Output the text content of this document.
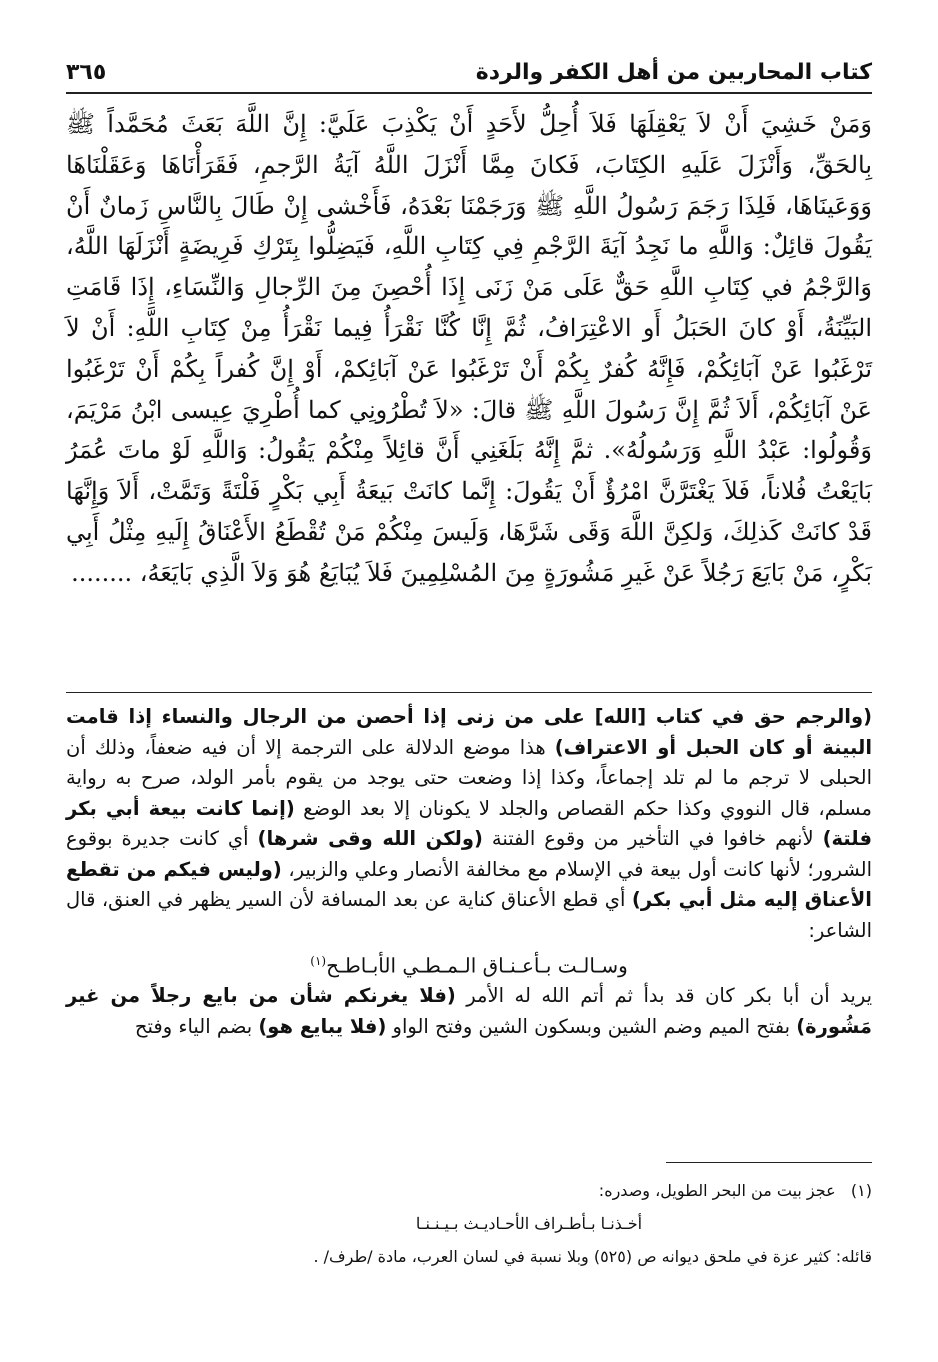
كتاب المحاربين من أهل الكفر والردة
٣٦٥

وَمَنْ خَشِيَ أَنْ لاَ يَعْقِلَهَا فَلاَ أُحِلُّ لأَحَدٍ أَنْ يَكْذِبَ عَلَيَّ: إِنَّ اللَّهَ بَعَثَ مُحَمَّداً ﷺ بِالحَقِّ، وَأَنْزَلَ عَلَيهِ الكِتَابَ، فَكانَ مِمَّا أَنْزَلَ اللَّهُ آيَةُ الرَّجمِ، فَقَرَأْنَاهَا وَعَقَلْنَاهَا وَوَعَينَاهَا، فَلِذَا رَجَمَ رَسُولُ اللَّهِ ﷺ وَرَجَمْنَا بَعْدَهُ، فَأَخْشى إِنْ طَالَ بِالنَّاسِ زَمانٌ أَنْ يَقُولَ قائِلٌ: وَاللَّهِ ما نَجِدُ آيَةَ الرَّجْمِ فِي كِتَابِ اللَّهِ، فَيَضِلُّوا بِتَرْكِ فَرِيضَةٍ أَنْزَلَهَا اللَّهُ، وَالرَّجْمُ في كِتَابِ اللَّهِ حَقٌّ عَلَى مَنْ زَنَى إِذَا أُحْصِنَ مِنَ الرِّجالِ وَالنِّسَاءِ، إِذَا قَامَتِ البَيِّنَةُ، أَوْ كانَ الحَبَلُ أَو الاعْتِرَافُ، ثُمَّ إِنَّا كُنَّا نَقْرَأُ فِيما نَقْرَأُ مِنْ كِتَابِ اللَّهِ: أَنْ لاَ تَرْغَبُوا عَنْ آبَائِكُمْ، فَإِنَّهُ كُفرٌ بِكُمْ أَنْ تَرْغَبُوا عَنْ آبَائِكمْ، أَوْ إِنَّ كُفراً بِكُمْ أَنْ تَرْغَبُوا عَنْ آبَائِكُمْ، أَلاَ ثُمَّ إِنَّ رَسُولَ اللَّهِ ﷺ قالَ: «لاَ تُطْرُونِي كما أُطْرِيَ عِيسى ابْنُ مَرْيَمَ، وَقُولُوا: عَبْدُ اللَّهِ وَرَسُولُهُ». ثمَّ إِنَّهُ بَلَغَنِي أَنَّ قائِلاً مِنْكُمْ يَقُولُ: وَاللَّهِ لَوْ ماتَ عُمَرُ بَايَعْتُ فُلاناً، فَلاَ يَغْتَرَّنَّ امْرُؤٌ أَنْ يَقُولَ: إِنَّما كانَتْ بَيعَةُ أَبِي بَكْرٍ فَلْتَةً وَتَمَّتْ، أَلاَ وَإِنَّهَا قَدْ كانَتْ كَذلِكَ، وَلكِنَّ اللَّهَ وَقَى شَرَّهَا، وَلَيسَ مِنْكُمْ مَنْ تُقْطَعُ الأَعْنَاقُ إِلَيهِ مِثْلُ أَبِي بَكْرٍ، مَنْ بَايَعَ رَجُلاً عَنْ غَيرِ مَشُورَةٍ مِنَ المُسْلِمِينَ فَلاَ يُبَايَعُ هُوَ وَلاَ الَّذِي بَايَعَهُ، ........

(والرجم حق في كتاب [الله] على من زنى إذا أحصن من الرجال والنساء إذا قامت البينة أو كان الحبل أو الاعتراف) هذا موضع الدلالة على الترجمة إلا أن فيه ضعفاً، وذلك أن الحبلى لا ترجم ما لم تلد إجماعاً، وكذا إذا وضعت حتى يوجد من يقوم بأمر الولد، صرح به رواية مسلم، قال النووي وكذا حكم القصاص والجلد لا يكونان إلا بعد الوضع (إنما كانت بيعة أبي بكر فلتة) لأنهم خافوا في التأخير من وقوع الفتنة (ولكن الله وقى شرها) أي كانت جديرة بوقوع الشرور؛ لأنها كانت أول بيعة في الإسلام مع مخالفة الأنصار وعلي والزبير، (وليس فيكم من تقطع الأعناق إليه مثل أبي بكر) أي قطع الأعناق كناية عن بعد المسافة لأن السير يظهر في العنق، قال الشاعر:

وسـالـت بـأعـنـاق الـمـطـي الأبـاطـح$^{(١)}$

يريد أن أبا بكر كان قد بدأ ثم أتم الله له الأمر (فلا يغرنكم شأن من بايع رجلاً من غير مَشُورة) بفتح الميم وضم الشين وبسكون الشين وفتح الواو (فلا يبايع هو) بضم الياء وفتح

(١)   عجز بيت من البحر الطويل، وصدره:

أخـذنـا بـأطـراف الأحـاديـث بـيـنـنـا

قائله: كثير عزة في ملحق ديوانه ص (٥٢٥) وبلا نسبة في لسان العرب، مادة /طرف/ .
